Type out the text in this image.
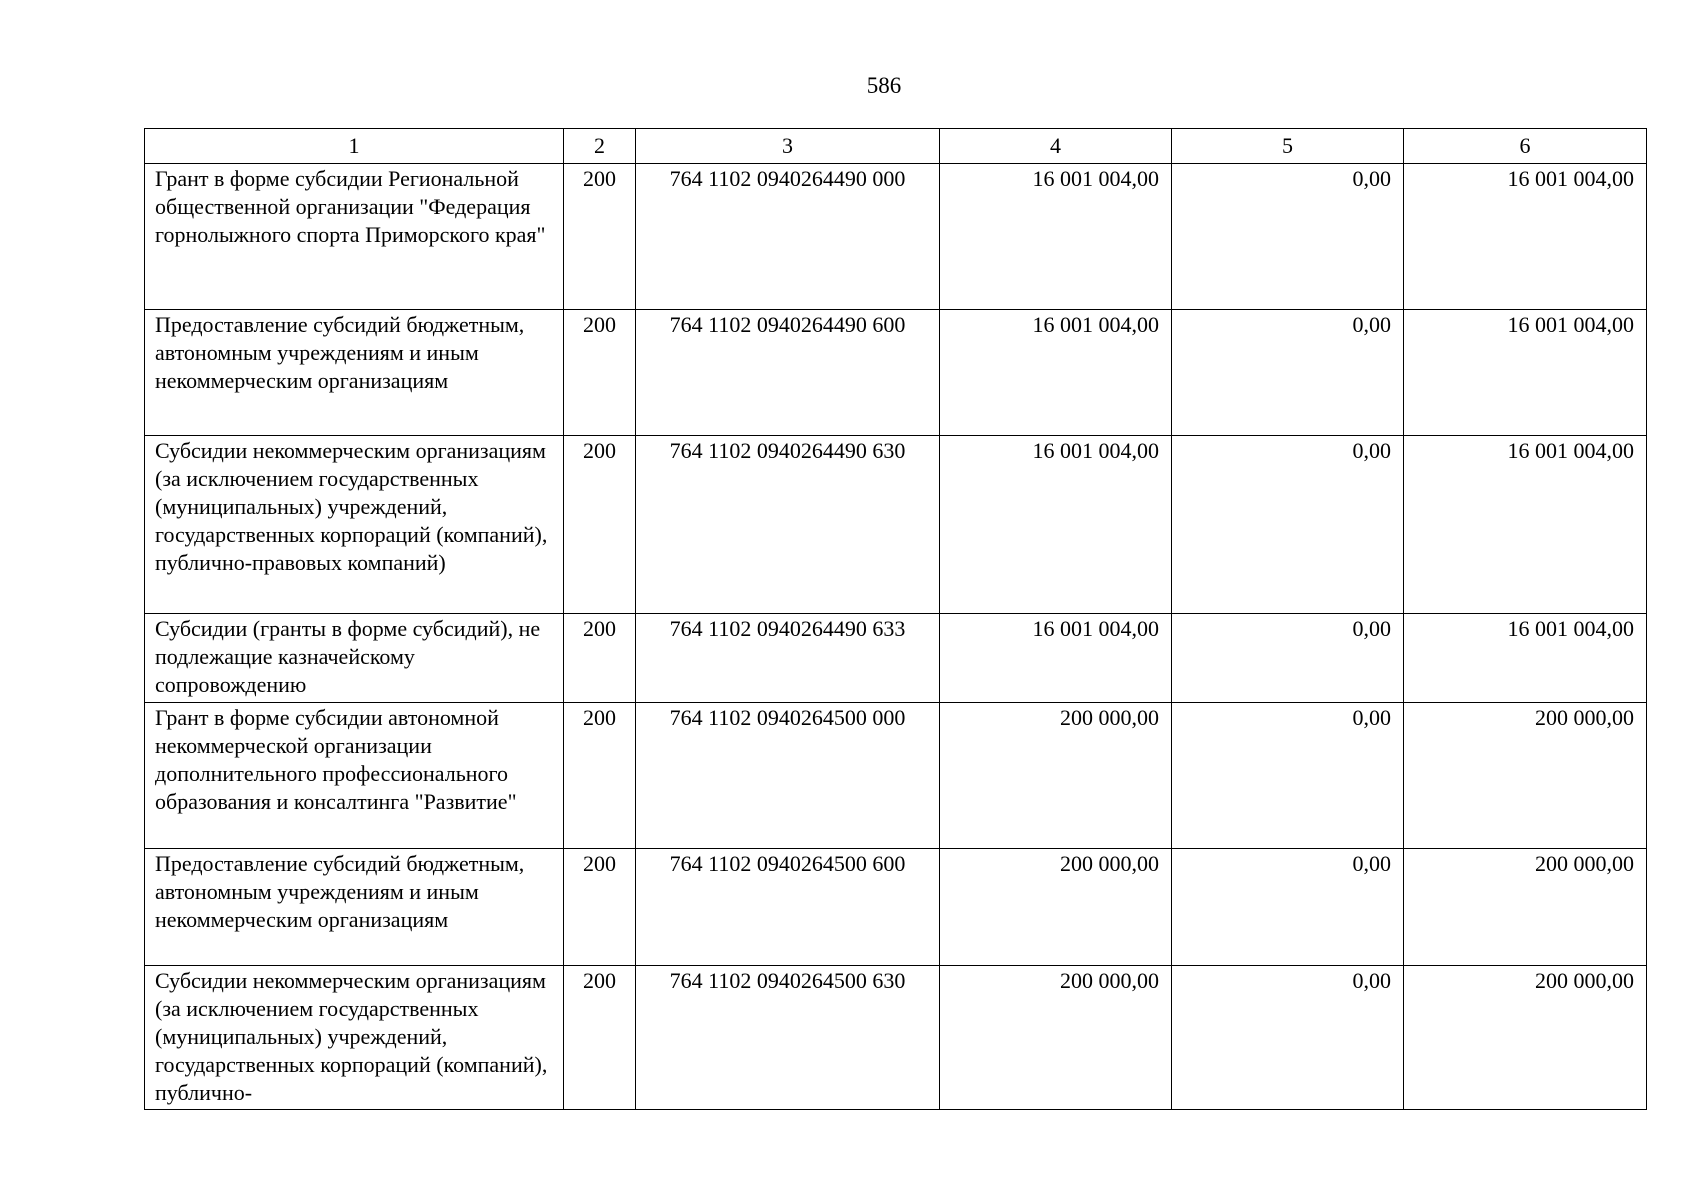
586
1	2	3	4	5	6
Грант в форме субсидии Региональной общественной организации "Федерация горнолыжного спорта Приморского края"	200	764 1102 0940264490 000	16 001 004,00	0,00	16 001 004,00
Предоставление субсидий бюджетным, автономным учреждениям и иным некоммерческим организациям	200	764 1102 0940264490 600	16 001 004,00	0,00	16 001 004,00
Субсидии некоммерческим организациям (за исключением государственных (муниципальных) учреждений, государственных корпораций (компаний), публично-правовых компаний)	200	764 1102 0940264490 630	16 001 004,00	0,00	16 001 004,00
Субсидии (гранты в форме субсидий), не подлежащие казначейскому сопровождению	200	764 1102 0940264490 633	16 001 004,00	0,00	16 001 004,00
Грант в форме субсидии автономной некоммерческой организации дополнительного профессионального образования и консалтинга "Развитие"	200	764 1102 0940264500 000	200 000,00	0,00	200 000,00
Предоставление субсидий бюджетным, автономным учреждениям и иным некоммерческим организациям	200	764 1102 0940264500 600	200 000,00	0,00	200 000,00
Субсидии некоммерческим организациям (за исключением государственных (муниципальных) учреждений, государственных корпораций (компаний), публично-	200	764 1102 0940264500 630	200 000,00	0,00	200 000,00
